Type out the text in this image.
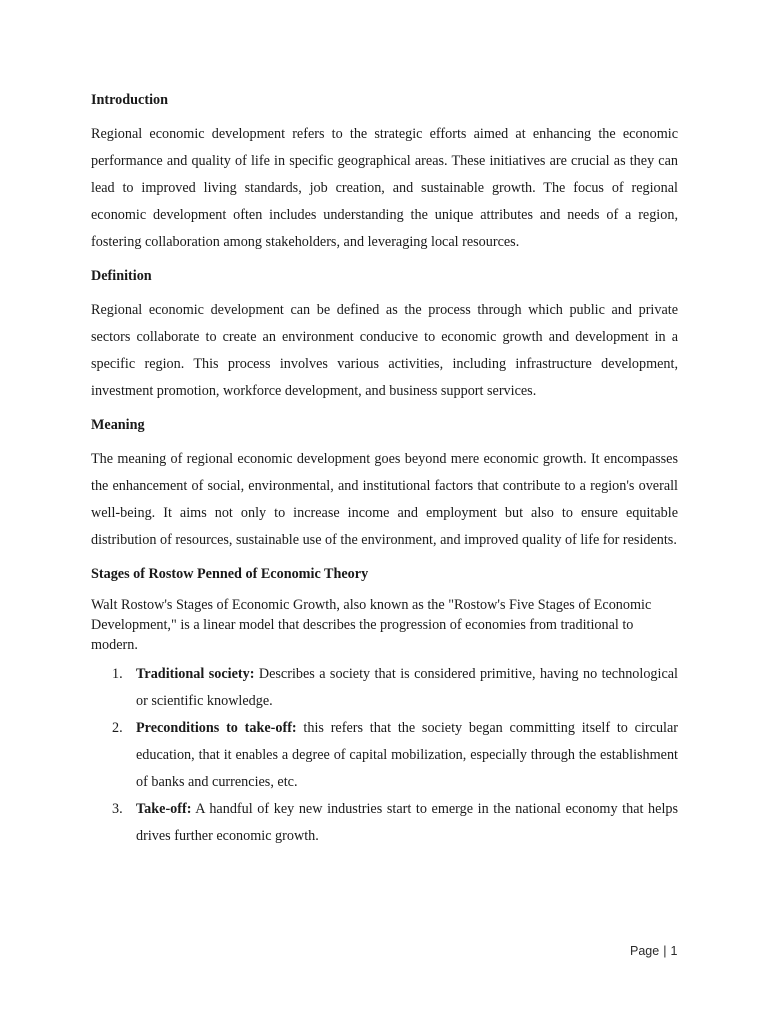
Introduction

Regional economic development refers to the strategic efforts aimed at enhancing the economic performance and quality of life in specific geographical areas. These initiatives are crucial as they can lead to improved living standards, job creation, and sustainable growth. The focus of regional economic development often includes understanding the unique attributes and needs of a region, fostering collaboration among stakeholders, and leveraging local resources.

Definition

Regional economic development can be defined as the process through which public and private sectors collaborate to create an environment conducive to economic growth and development in a specific region. This process involves various activities, including infrastructure development, investment promotion, workforce development, and business support services.

Meaning

The meaning of regional economic development goes beyond mere economic growth. It encompasses the enhancement of social, environmental, and institutional factors that contribute to a region's overall well-being. It aims not only to increase income and employment but also to ensure equitable distribution of resources, sustainable use of the environment, and improved quality of life for residents.

Stages of Rostow Penned of Economic Theory

Walt Rostow's Stages of Economic Growth, also known as the "Rostow's Five Stages of Economic Development," is a linear model that describes the progression of economies from traditional to modern.

1. Traditional society: Describes a society that is considered primitive, having no technological or scientific knowledge.
2. Preconditions to take-off: this refers that the society began committing itself to circular education, that it enables a degree of capital mobilization, especially through the establishment of banks and currencies, etc.
3. Take-off: A handful of key new industries start to emerge in the national economy that helps drives further economic growth.
Page | 1
